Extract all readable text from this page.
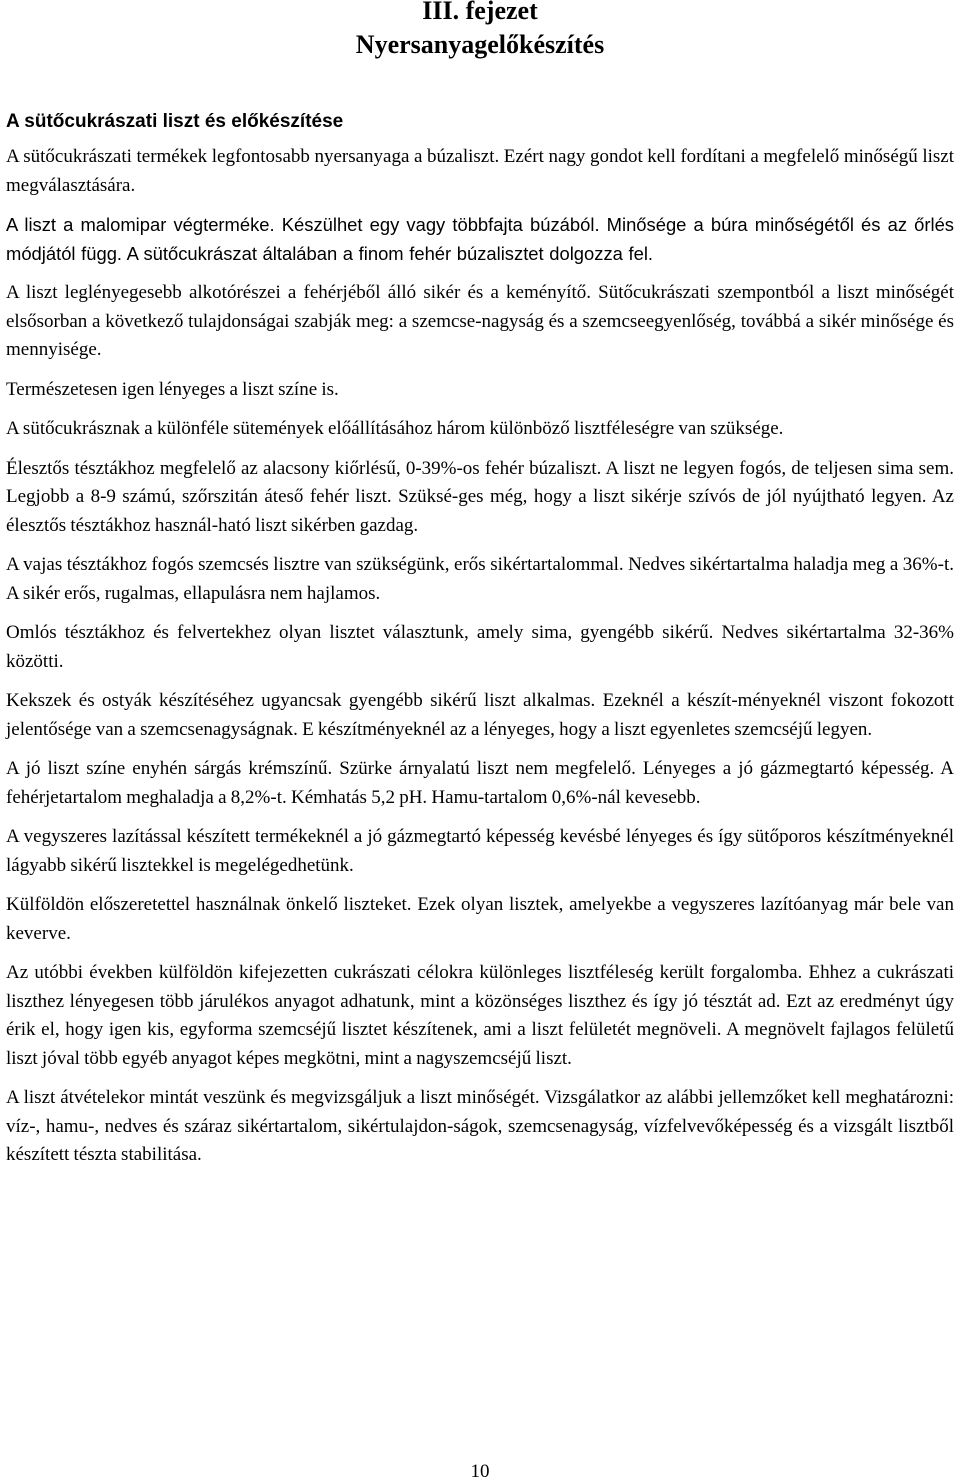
III. fejezet
Nyersanyagelőkészítés
A sütőcukrászati liszt és előkészítése

A sütőcukrászati termékek legfontosabb nyersanyaga a búzaliszt. Ezért nagy gondot kell fordítani a megfelelő minőségű liszt megválasztására.

A liszt a malomipar végterméke. Készülhet egy vagy többfajta búzából. Minősége a búra minőségétől és az őrlés módjától függ. A sütőcukrászat általában a finom fehér búzalisztet dolgozza fel.

A liszt leglényegesebb alkotórészei a fehérjéből álló sikér és a keményítő. Sütőcukrászati szempontból a liszt minőségét elsősorban a következő tulajdonságai szabják meg: a szemcse-nagyság és a szemcseegyenlőség, továbbá a sikér minősége és mennyisége.

Természetesen igen lényeges a liszt színe is.

A sütőcukrásznak a különféle sütemények előállításához három különböző lisztféleségre van szüksége.

Élesztős tésztákhoz megfelelő az alacsony kiőrlésű, 0-39%-os fehér búzaliszt. A liszt ne legyen fogós, de teljesen sima sem. Legjobb a 8-9 számú, szőrszitán áteső fehér liszt. Szüksé-ges még, hogy a liszt sikérje szívós de jól nyújtható legyen. Az élesztős tésztákhoz használ-ható liszt sikérben gazdag.

A vajas tésztákhoz fogós szemcsés lisztre van szükségünk, erős sikértartalommal. Nedves sikértartalma haladja meg a 36%-t. A sikér erős, rugalmas, ellapulásra nem hajlamos.

Omlós tésztákhoz és felvertekhez olyan lisztet választunk, amely sima, gyengébb sikérű. Nedves sikértartalma 32-36% közötti.

Kekszek és ostyák készítéséhez ugyancsak gyengébb sikérű liszt alkalmas. Ezeknél a készít-ményeknél viszont fokozott jelentősége van a szemcsenagyságnak. E készítményeknél az a lényeges, hogy a liszt egyenletes szemcséjű legyen.

A jó liszt színe enyhén sárgás krémszínű. Szürke árnyalatú liszt nem megfelelő. Lényeges a jó gázmegtartó képesség. A fehérjetartalom meghaladja a 8,2%-t. Kémhatás 5,2 pH. Hamu-tartalom 0,6%-nál kevesebb.

A vegyszeres lazítással készített termékeknél a jó gázmegtartó képesség kevésbé lényeges és így sütőporos készítményeknél lágyabb sikérű lisztekkel is megelégedhetünk.

Külföldön előszeretettel használnak önkelő liszteket. Ezek olyan lisztek, amelyekbe a vegyszeres lazítóanyag már bele van keverve.

Az utóbbi években külföldön kifejezetten cukrászati célokra különleges lisztféleség került forgalomba. Ehhez a cukrászati liszthez lényegesen több járulékos anyagot adhatunk, mint a közönséges liszthez és így jó tésztát ad. Ezt az eredményt úgy érik el, hogy igen kis, egyforma szemcséjű lisztet készítenek, ami a liszt felületét megnöveli. A megnövelt fajlagos felületű liszt jóval több egyéb anyagot képes megkötni, mint a nagyszemcséjű liszt.

A liszt átvételekor mintát veszünk és megvizsgáljuk a liszt minőségét. Vizsgálatkor az alábbi jellemzőket kell meghatározni: víz-, hamu-, nedves és száraz sikértartalom, sikértulajdon-ságok, szemcsenagyság, vízfelvevőképesség és a vizsgált lisztből készített tészta stabilitása.

10
